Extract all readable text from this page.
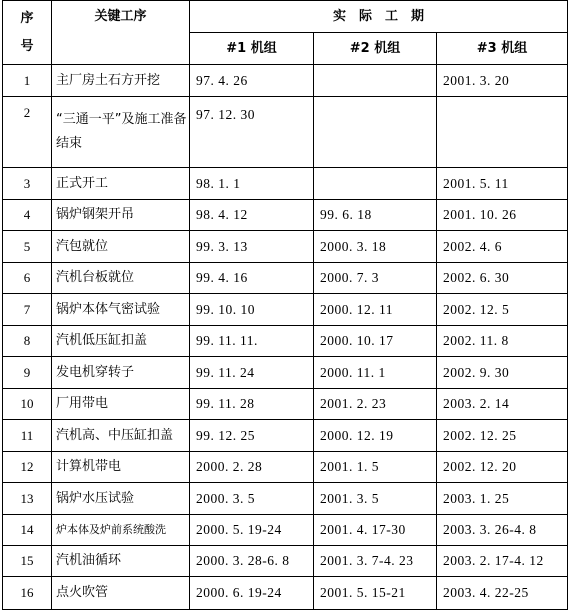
序
号	关键工序	实　际　工　期		
		#1 机组	#2 机组	#3 机组
1	主厂房土石方开挖	97. 4. 26		2001. 3. 20
2	“三通一平”及施工准备结束	97. 12. 30		
3	正式开工	98. 1. 1		2001. 5. 11
4	锅炉钢架开吊	98. 4. 12	99. 6. 18	2001. 10. 26
5	汽包就位	99. 3. 13	2000. 3. 18	2002. 4. 6
6	汽机台板就位	99. 4. 16	2000. 7. 3	2002. 6. 30
7	锅炉本体气密试验	99. 10. 10	2000. 12. 11	2002. 12. 5
8	汽机低压缸扣盖	99. 11. 11.	2000. 10. 17	2002. 11. 8
9	发电机穿转子	99. 11. 24	2000. 11. 1	2002. 9. 30
10	厂用带电	99. 11. 28	2001. 2. 23	2003. 2. 14
11	汽机高、中压缸扣盖	99. 12. 25	2000. 12. 19	2002. 12. 25
12	计算机带电	2000. 2. 28	2001. 1. 5	2002. 12. 20
13	锅炉水压试验	2000. 3. 5	2001. 3. 5	2003. 1. 25
14	炉本体及炉前系统酸洗	2000. 5. 19-24	2001. 4. 17-30	2003. 3. 26-4. 8
15	汽机油循环	2000. 3. 28-6. 8	2001. 3. 7-4. 23	2003. 2. 17-4. 12
16	点火吹管	2000. 6. 19-24	2001. 5. 15-21	2003. 4. 22-25
